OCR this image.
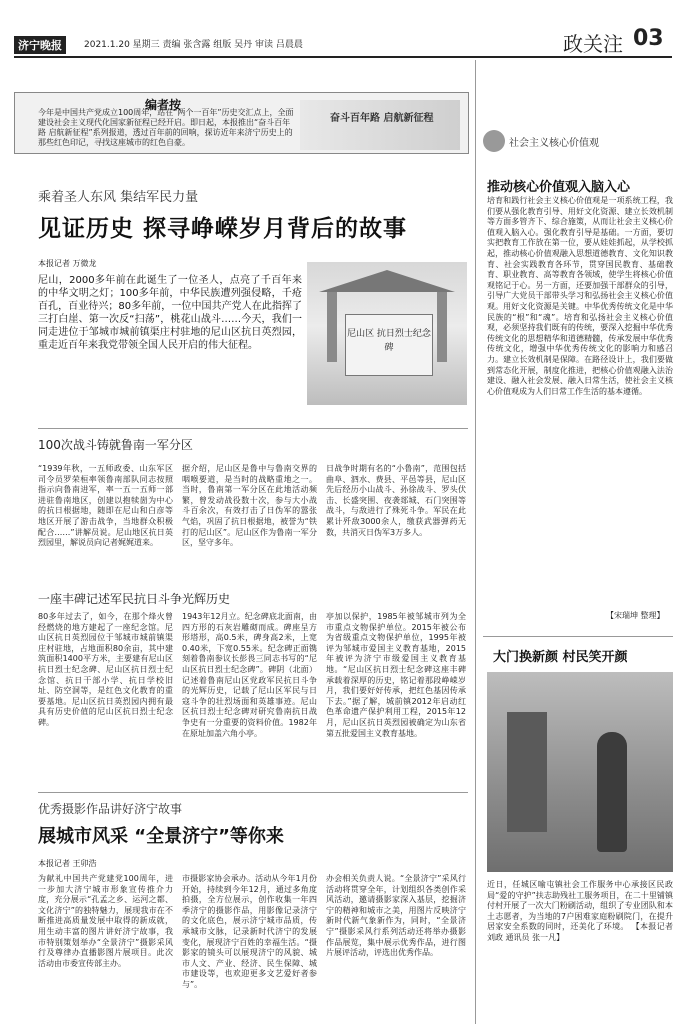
济宁晚报	2021.1.20 星期三 责编 张含露 组版 吴丹 审读 吕晨晨	政关注 03
编者按
今年是中国共产党成立100周年，站在“两个一百年”历史交汇点上，全面建设社会主义现代化国家新征程已经开启。即日起，本报推出“奋斗百年路 启航新征程”系列报道，透过百年前的回响，探访近年来济宁历史上的那些红色印记，寻找这座城市的红色自豪。
奋斗百年路 启航新征程
社会主义核心价值观
推动核心价值观入脑入心
培育和践行社会主义核心价值观是一项系统工程，我们要从强化教育引导、用好文化资源、建立长效机制等方面多管齐下、综合施策，从而让社会主义核心价值观入脑入心。强化教育引导是基础。一方面，要切实把教育工作放在第一位，要从娃娃抓起，从学校抓起，推动核心价值观融入思想道德教育、文化知识教育、社会实践教育各环节，贯穿国民教育、基础教育、职业教育、高等教育各领域，使学生将核心价值观铭记于心。另一方面，还要加强干部群众的引导，引导广大党员干部带头学习和弘扬社会主义核心价值观。用好文化资源是关键。中华优秀传统文化是中华民族的“根”和“魂”。培育和弘扬社会主义核心价值观，必须坚持我们既有的传统，要深入挖掘中华优秀传统文化的思想精华和道德精髓，传承发展中华优秀传统文化，增强中华优秀传统文化的影响力和感召力。建立长效机制是保障。在路径设计上，我们要做到常态化开展，制度化推进，把核心价值观融入法治建设、融入社会发展、融入日常生活，使社会主义核心价值观成为人们日常工作生活的基本遵循。
【宋瑞坤 整理】
大门换新颜 村民笑开颜
近日，任城区喻屯镇社会工作服务中心承接区民政局“爱的守护”扶志助残社工服务项目，在二十里铺镇付村开展了一次大门粉刷活动，组织了专业团队和本土志愿者，为当地的7户困难家庭粉刷院门，在提升居家安全系数的同时，还美化了环境。 【本报记者 刘政 通讯员 张一凡】
乘着圣人东风 集结军民力量
见证历史 探寻峥嵘岁月背后的故事
本报记者 万微龙
尼山，2000多年前在此诞生了一位圣人，点亮了千百年来的中华文明之灯；100多年前，中华民族遭列强侵略，千疮百孔，百业待兴；80多年前，一位中国共产党人在此指挥了三打白崖、第一次反“扫荡”，桃花山战斗……今天，我们一同走进位于邹城市城前镇渠庄村驻地的尼山区抗日英烈园，重走近百年来我党带领全国人民开启的伟大征程。
尼山区 抗日烈士纪念碑
100次战斗铸就鲁南一军分区
“1939年秋，一五师政委、山东军区司令员罗荣桓率领鲁南部队同志按照指示向鲁南进军，率一五一五师一部进驻鲁南地区，创建以抱犊崮为中心的抗日根据地，随即在尼山和白彦等地区开展了游击战争，当地群众积极配合……”讲解员说。尼山地区抗日英烈园里，解说员向记者娓娓道来。
据介绍，尼山区是鲁中与鲁南交界的咽喉要道，是当时的战略重地之一。当时，鲁南第一军分区在此地活动频繁，曾发动战役数十次，参与大小战斗百余次，有效打击了日伪军的嚣张气焰，巩固了抗日根据地，被誉为“铁打的尼山区”。尼山区作为鲁南一军分区，坚守多年。
日战争时期有名的“小鲁南”，范围包括曲阜、泗水、费县、平邑等县，尼山区先后经历小山战斗、孙徐战斗、罗头伏击、长盛突围、夜袭郯城、石门突围等战斗，与敌进行了殊死斗争。军民在此累计歼敌3000余人，缴获武器弹药无数，共消灭日伪军3万多人。
一座丰碑记述军民抗日斗争光辉历史
80多年过去了，如今，在那个烽火曾经燃烧的地方建起了一座纪念馆。尼山区抗日英烈园位于邹城市城前镇渠庄村驻地，占地面积80余亩，其中建筑面积1400平方米，主要建有尼山区抗日烈士纪念碑、尼山区抗日烈士纪念馆、抗日干部小学、抗日学校旧址、防空洞等，是红色文化教育的重要基地。尼山区抗日英烈园内拥有最具有历史价值的尼山区抗日烈士纪念碑。
1943年12月立。纪念碑底北面南，由四方形的石灰岩雕砌而成。碑座呈方形塔形，高0.5米，碑身高2米，上宽0.40米，下宽0.55米。纪念碑正面镌刻着鲁南参议长彭畏三同志书写的“尼山区抗日烈士纪念碑”。碑阴（北面）记述着鲁南尼山区党政军民抗日斗争的光辉历史，记载了尼山区军民与日寇斗争的壮烈场面和英雄事迹。尼山区抗日烈士纪念碑对研究鲁南抗日战争史有一分重要的资料价值。1982年在原址加盖六角小亭。
亭加以保护，1985年被邹城市列为全市重点文物保护单位。2015年被公布为省级重点文物保护单位，1995年被评为邹城市爱国主义教育基地，2015年被评为济宁市级爱国主义教育基地。“尼山区抗日烈士纪念碑这座丰碑承载着深厚的历史，铭记着那段峥嵘岁月，我们要好好传承，把红色基因传承下去。”据了解，城前镇2012年启动红色革命遗产保护利用工程，2015年12月，尼山区抗日英烈园被确定为山东省第五批爱国主义教育基地。
优秀摄影作品讲好济宁故事
展城市风采 “全景济宁”等你来
本报记者 王卯浩
为献礼中国共产党建党100周年，进一步加大济宁城市形象宣传推介力度，充分展示“孔孟之乡、运河之都、文化济宁”的独特魅力，展现我市在不断推进高质量发展中取得的新成就，用生动丰富的图片讲好济宁故事，我市特别策划举办“全景济宁”摄影采风行及尊律办直播影图片展项目。此次活动由市委宣传部主办。
市摄影家协会承办。活动从今年1月份开始，持续到今年12月，通过多角度拍摄，全方位展示，创作收集一年四季济宁的摄影作品，用影像记录济宁的文化底色，展示济宁城市品质，传承城市文脉，记录新时代济宁的发展变化，展现济宁百姓的幸福生活。“摄影家的镜头可以展现济宁的风貌、城市人文、产业、经济、民生保障、城市建设等，也欢迎更多文艺爱好者参与”。
办会相关负责人说。“全景济宁”采风行活动将贯穿全年，计划组织各类创作采风活动，邀请摄影家深入基层，挖掘济宁的精神和城市之美，用图片反映济宁新时代新气象新作为，同时，“全景济宁”摄影采风行系列活动还将举办摄影作品展览，集中展示优秀作品，进行图片展评活动，评选出优秀作品。
